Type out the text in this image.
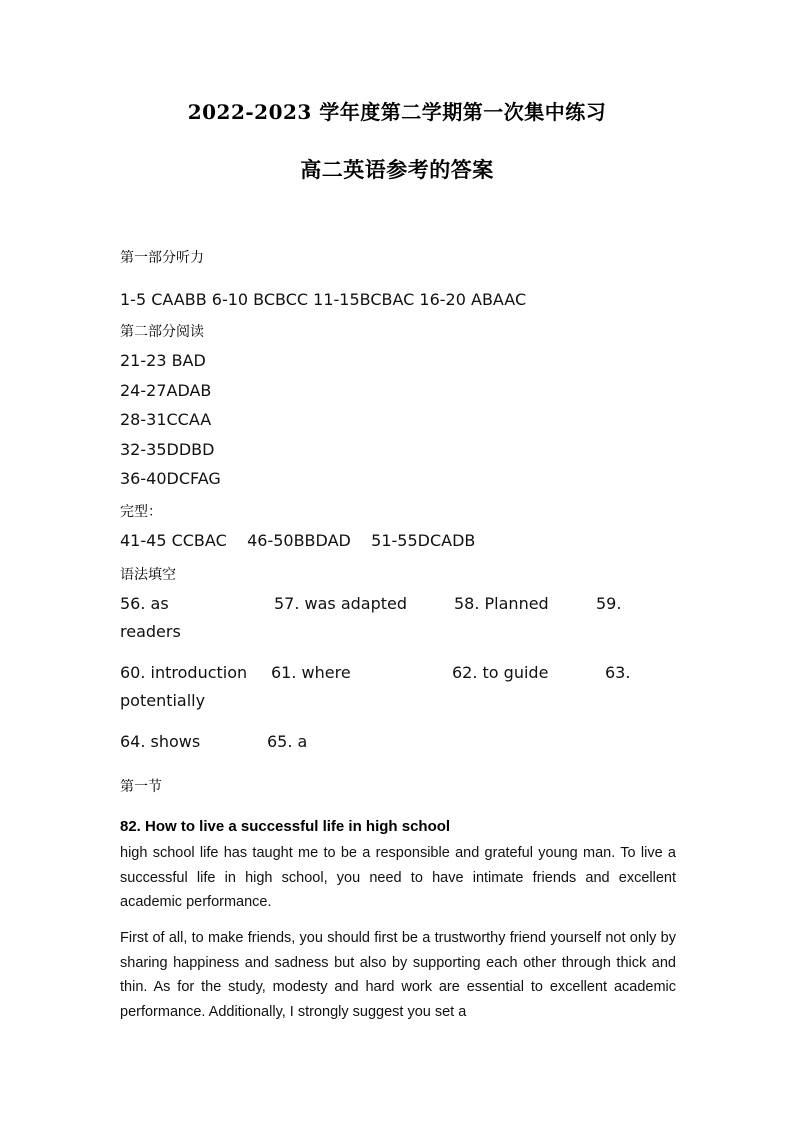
2022-2023 学年度第二学期第一次集中练习
高二英语参考的答案
第一部分听力
1-5 CAABB 6-10 BCBCC 11-15BCBAC 16-20 ABAAC
第二部分阅读
21-23 BAD
24-27ADAB
28-31CCAA
32-35DDBD
36-40DCFAG
完型：
41-45 CCBAC    46-50BBDAD    51-55DCADB
语法填空
56. as	57. was adapted	58. Planned	59.
readers
60. introduction 61. where	62. to guide	63.
potentially
64. shows	65. a
第一节
82. How to live a successful life in high school
high school life has taught me to be a responsible and grateful young man. To live a successful life in high school, you need to have intimate friends and excellent academic performance.
First of all, to make friends, you should first be a trustworthy friend yourself not only by sharing happiness and sadness but also by supporting each other through thick and thin. As for the study, modesty and hard work are essential to excellent academic performance. Additionally, I strongly suggest you set a
